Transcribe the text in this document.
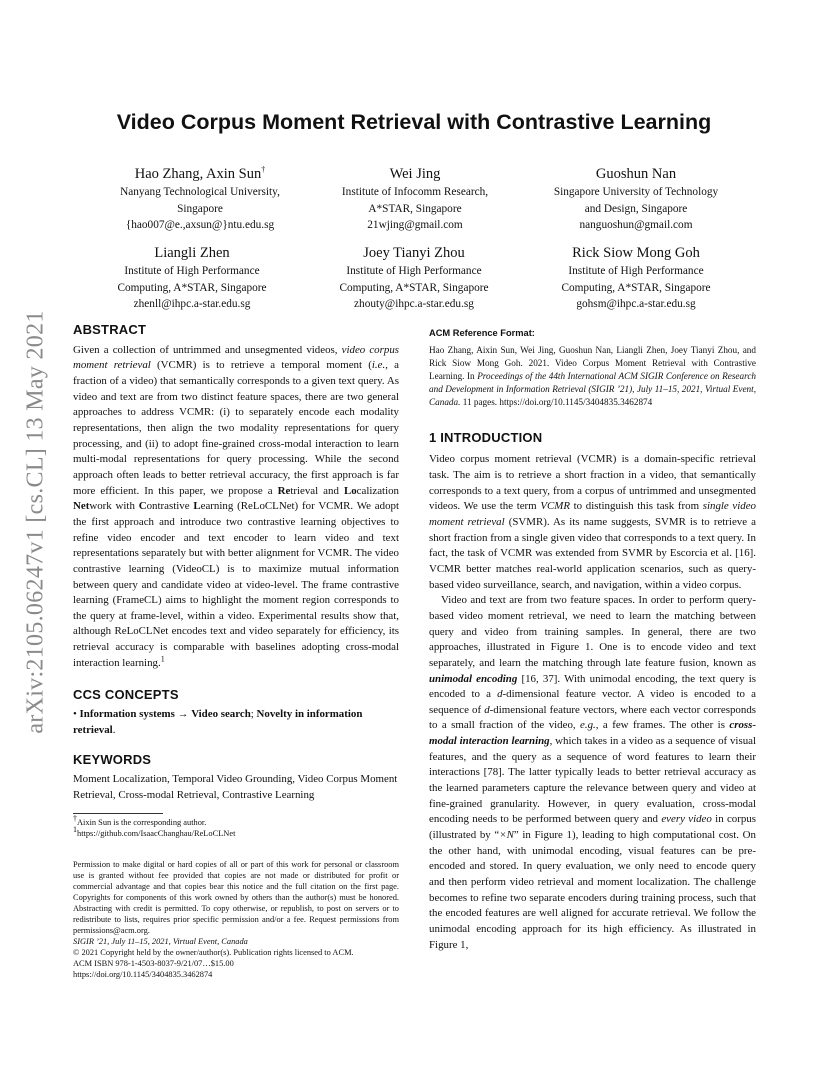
arXiv:2105.06247v1 [cs.CL] 13 May 2021
Video Corpus Moment Retrieval with Contrastive Learning
Hao Zhang, Axin Sun†
Nanyang Technological University,
Singapore
{hao007@e.,axsun@}ntu.edu.sg
Wei Jing
Institute of Infocomm Research,
A*STAR, Singapore
21wjing@gmail.com
Guoshun Nan
Singapore University of Technology
and Design, Singapore
nanguoshun@gmail.com
Liangli Zhen
Institute of High Performance
Computing, A*STAR, Singapore
zhenll@ihpc.a-star.edu.sg
Joey Tianyi Zhou
Institute of High Performance
Computing, A*STAR, Singapore
zhouty@ihpc.a-star.edu.sg
Rick Siow Mong Goh
Institute of High Performance
Computing, A*STAR, Singapore
gohsm@ihpc.a-star.edu.sg
ABSTRACT

Given a collection of untrimmed and unsegmented videos, video corpus moment retrieval (VCMR) is to retrieve a temporal moment (i.e., a fraction of a video) that semantically corresponds to a given text query. As video and text are from two distinct feature spaces, there are two general approaches to address VCMR: (i) to separately encode each modality representations, then align the two modality representations for query processing, and (ii) to adopt fine-grained cross-modal interaction to learn multi-modal representations for query processing. While the second approach often leads to better retrieval accuracy, the first approach is far more efficient. In this paper, we propose a Retrieval and Localization Network with Contrastive Learning (ReLoCLNet) for VCMR. We adopt the first approach and introduce two contrastive learning objectives to refine video encoder and text encoder to learn video and text representations separately but with better alignment for VCMR. The video contrastive learning (VideoCL) is to maximize mutual information between query and candidate video at video-level. The frame contrastive learning (FrameCL) aims to highlight the moment region corresponds to the query at frame-level, within a video. Experimental results show that, although ReLoCLNet encodes text and video separately for efficiency, its retrieval accuracy is comparable with baselines adopting cross-modal interaction learning.$^1$

CCS CONCEPTS

• Information systems → Video search; Novelty in information retrieval.

KEYWORDS

Moment Localization, Temporal Video Grounding, Video Corpus Moment Retrieval, Cross-modal Retrieval, Contrastive Learning

†Aixin Sun is the corresponding author.
1https://github.com/IsaacChanghau/ReLoCLNet
Permission to make digital or hard copies of all or part of this work for personal or classroom use is granted without fee provided that copies are not made or distributed for profit or commercial advantage and that copies bear this notice and the full citation on the first page. Copyrights for components of this work owned by others than the author(s) must be honored. Abstracting with credit is permitted. To copy otherwise, or republish, to post on servers or to redistribute to lists, requires prior specific permission and/or a fee. Request permissions from permissions@acm.org.
SIGIR ’21, July 11–15, 2021, Virtual Event, Canada
© 2021 Copyright held by the owner/author(s). Publication rights licensed to ACM.
ACM ISBN 978-1-4503-8037-9/21/07…$15.00
https://doi.org/10.1145/3404835.3462874
ACM Reference Format:

Hao Zhang, Aixin Sun, Wei Jing, Guoshun Nan, Liangli Zhen, Joey Tianyi Zhou, and Rick Siow Mong Goh. 2021. Video Corpus Moment Retrieval with Contrastive Learning. In Proceedings of the 44th International ACM SIGIR Conference on Research and Development in Information Retrieval (SIGIR ’21), July 11–15, 2021, Virtual Event, Canada. 11 pages. https://doi.org/10.1145/3404835.3462874

1 INTRODUCTION

Video corpus moment retrieval (VCMR) is a domain-specific retrieval task. The aim is to retrieve a short fraction in a video, that semantically corresponds to a text query, from a corpus of untrimmed and unsegmented videos. We use the term VCMR to distinguish this task from single video moment retrieval (SVMR). As its name suggests, SVMR is to retrieve a short fraction from a single given video that corresponds to a text query. In fact, the task of VCMR was extended from SVMR by Escorcia et al. [16]. VCMR better matches real-world application scenarios, such as query-based video surveillance, search, and navigation, within a video corpus.

Video and text are from two feature spaces. In order to perform query-based video moment retrieval, we need to learn the matching between query and video from training samples. In general, there are two approaches, illustrated in Figure 1. One is to encode video and text separately, and learn the matching through late feature fusion, known as unimodal encoding [16, 37]. With unimodal encoding, the text query is encoded to a d-dimensional feature vector. A video is encoded to a sequence of d-dimensional feature vectors, where each vector corresponds to a small fraction of the video, e.g., a few frames. The other is cross-modal interaction learning, which takes in a video as a sequence of visual features, and the query as a sequence of word features to learn their interactions [78]. The latter typically leads to better retrieval accuracy as the learned parameters capture the relevance between query and video at fine-grained granularity. However, in query evaluation, cross-modal encoding needs to be performed between query and every video in corpus (illustrated by “×N” in Figure 1), leading to high computational cost. On the other hand, with unimodal encoding, visual features can be pre-encoded and stored. In query evaluation, we only need to encode query and then perform video retrieval and moment localization. The challenge becomes to refine two separate encoders during training process, such that the encoded features are well aligned for accurate retrieval. We follow the unimodal encoding approach for its high efficiency. As illustrated in Figure 1,
